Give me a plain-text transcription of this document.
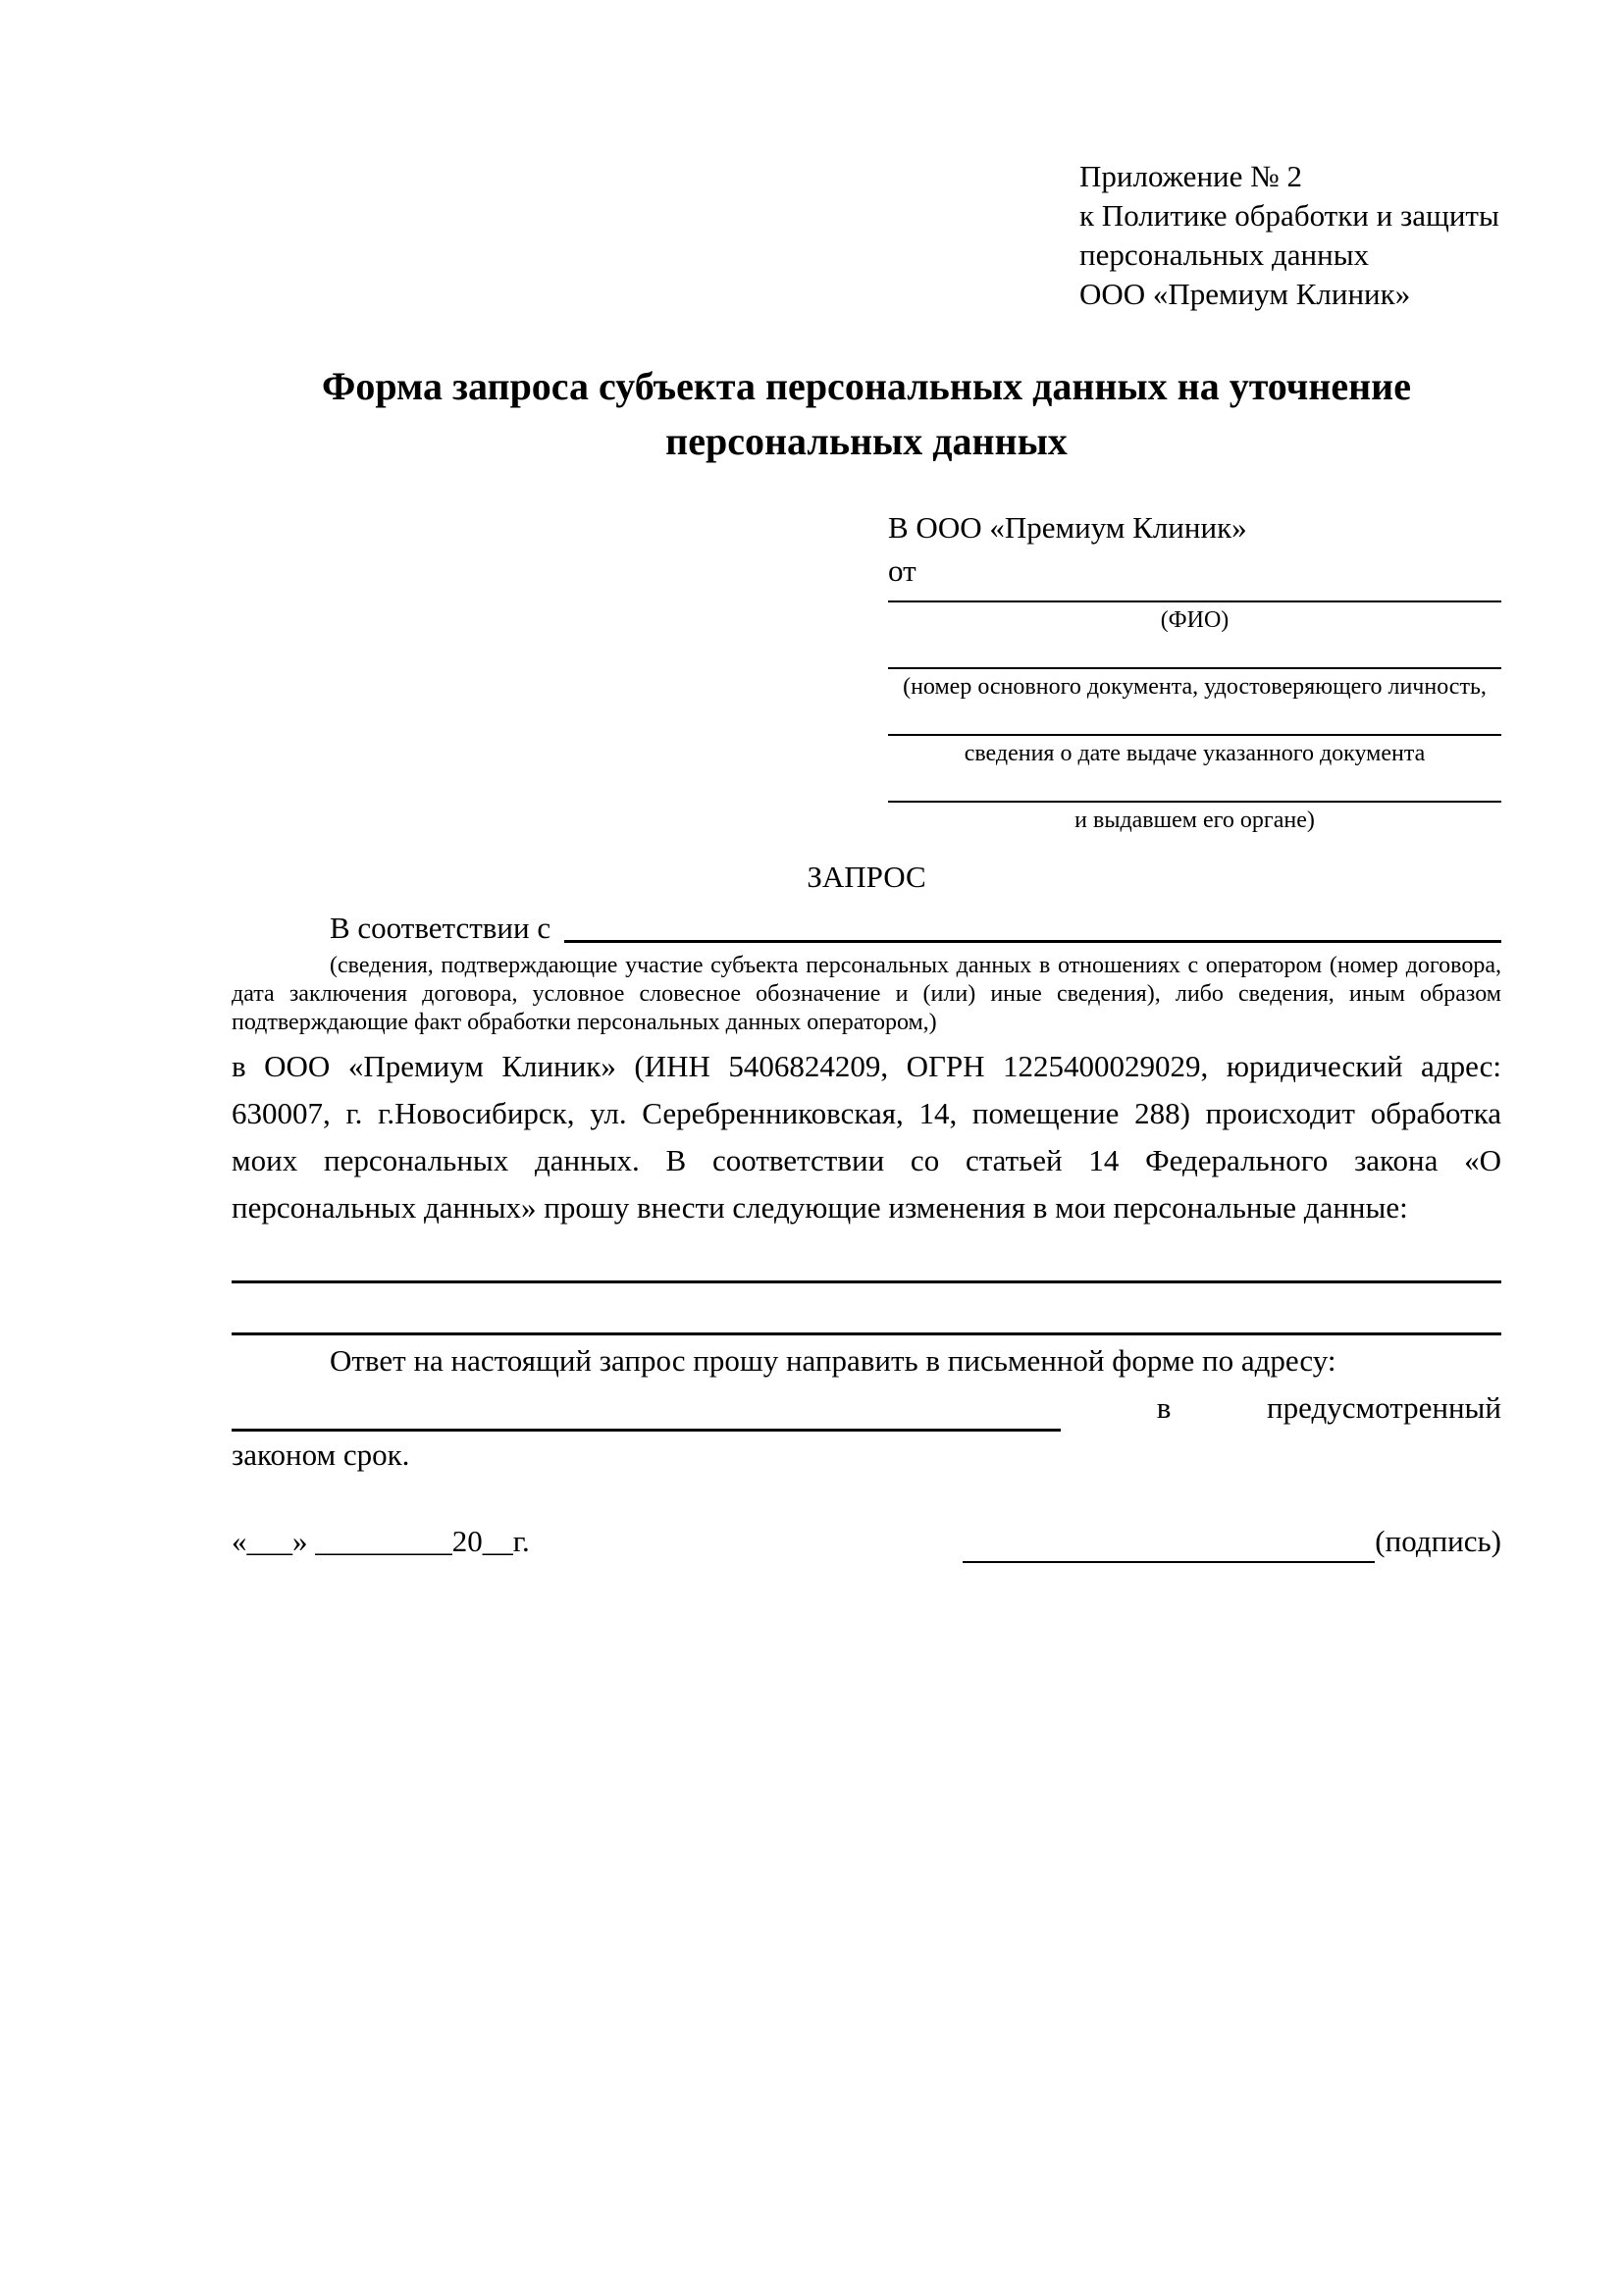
Приложение № 2
к Политике обработки и защиты
персональных данных
ООО «Премиум Клиник»
Форма запроса субъекта персональных данных на уточнение персональных данных
В ООО «Премиум Клиник»
от
(ФИО)
(номер основного документа, удостоверяющего личность,
сведения о дате выдаче указанного документа
и выдавшем его органе)
ЗАПРОС
В соответствии с

(сведения, подтверждающие участие субъекта персональных данных в отношениях с оператором (номер договора, дата заключения договора, условное словесное обозначение и (или) иные сведения), либо сведения, иным образом подтверждающие факт обработки персональных данных оператором,)

в ООО «Премиум Клиник» (ИНН 5406824209, ОГРН 1225400029029, юридический адрес: 630007, г. г.Новосибирск, ул. Серебренниковская, 14, помещение 288) происходит обработка моих персональных данных. В соответствии со статьей 14 Федерального закона «О персональных данных» прошу внести следующие изменения в мои персональные данные:

Ответ на настоящий запрос прошу направить в письменной форме по адресу:

в	предусмотренный

законом срок.

«___» _________20__г.	(подпись)
